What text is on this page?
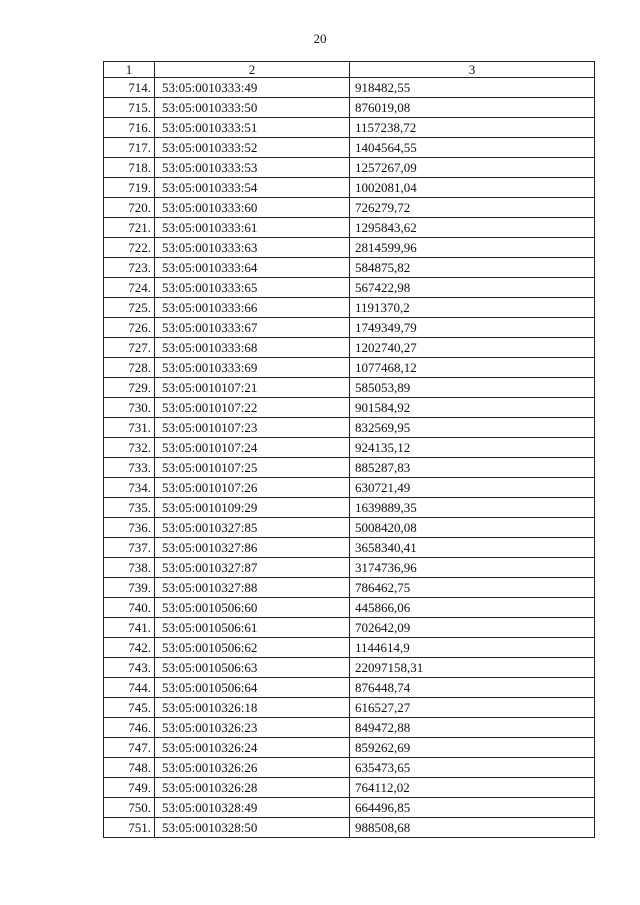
20
1	2	3
714.	53:05:0010333:49	918482,55
715.	53:05:0010333:50	876019,08
716.	53:05:0010333:51	1157238,72
717.	53:05:0010333:52	1404564,55
718.	53:05:0010333:53	1257267,09
719.	53:05:0010333:54	1002081,04
720.	53:05:0010333:60	726279,72
721.	53:05:0010333:61	1295843,62
722.	53:05:0010333:63	2814599,96
723.	53:05:0010333:64	584875,82
724.	53:05:0010333:65	567422,98
725.	53:05:0010333:66	1191370,2
726.	53:05:0010333:67	1749349,79
727.	53:05:0010333:68	1202740,27
728.	53:05:0010333:69	1077468,12
729.	53:05:0010107:21	585053,89
730.	53:05:0010107:22	901584,92
731.	53:05:0010107:23	832569,95
732.	53:05:0010107:24	924135,12
733.	53:05:0010107:25	885287,83
734.	53:05:0010107:26	630721,49
735.	53:05:0010109:29	1639889,35
736.	53:05:0010327:85	5008420,08
737.	53:05:0010327:86	3658340,41
738.	53:05:0010327:87	3174736,96
739.	53:05:0010327:88	786462,75
740.	53:05:0010506:60	445866,06
741.	53:05:0010506:61	702642,09
742.	53:05:0010506:62	1144614,9
743.	53:05:0010506:63	22097158,31
744.	53:05:0010506:64	876448,74
745.	53:05:0010326:18	616527,27
746.	53:05:0010326:23	849472,88
747.	53:05:0010326:24	859262,69
748.	53:05:0010326:26	635473,65
749.	53:05:0010326:28	764112,02
750.	53:05:0010328:49	664496,85
751.	53:05:0010328:50	988508,68
